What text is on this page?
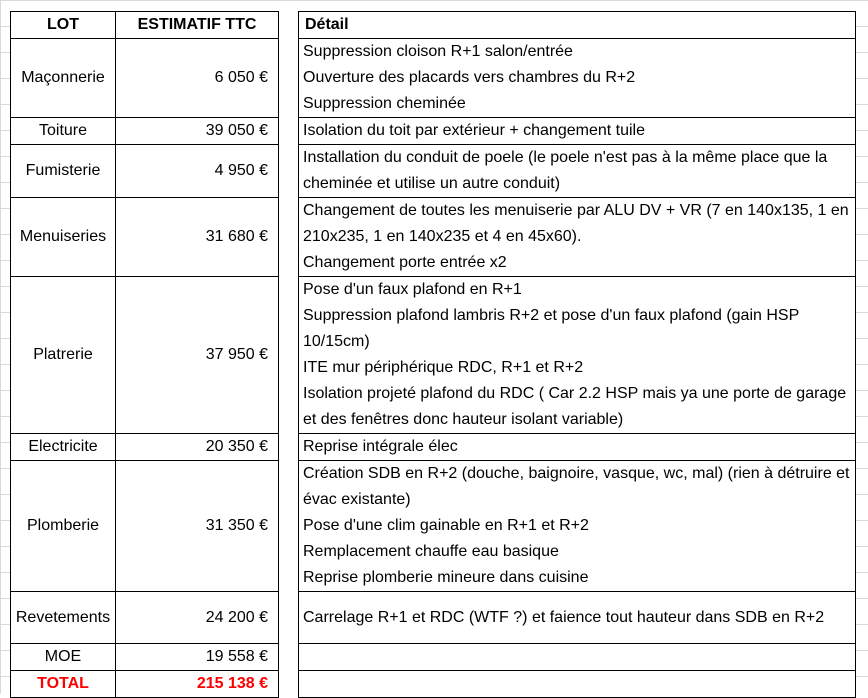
LOT	ESTIMATIF TTC		Détail
Maçonnerie	6 050 €		Suppression cloison R+1 salon/entrée
Ouverture des placards vers chambres du R+2
Suppression cheminée

Toiture	39 050 €		Isolation du toit par extérieur + changement tuile

Fumisterie	4 950 €		Installation du conduit de poele (le poele n'est pas à la même place que la cheminée et utilise un autre conduit)

Menuiseries	31 680 €		Changement de toutes les menuiserie par ALU DV + VR (7 en 140x135, 1 en 210x235, 1 en 140x235 et 4 en 45x60).
Changement porte entrée x2

Platrerie	37 950 €		Pose d'un faux plafond en R+1
Suppression plafond lambris R+2 et pose d'un faux plafond (gain HSP 10/15cm)
ITE mur périphérique RDC, R+1 et R+2
Isolation projeté plafond du RDC ( Car 2.2 HSP mais ya une porte de garage et des fenêtres donc hauteur isolant variable)

Electricite	20 350 €		Reprise intégrale élec

Plomberie	31 350 €		Création SDB en R+2 (douche, baignoire, vasque, wc, mal) (rien à détruire et évac existante)
Pose d'une clim gainable en R+1 et R+2
Remplacement chauffe eau basique
Reprise plomberie mineure dans cuisine

Revetements	24 200 €		Carrelage R+1 et RDC (WTF ?) et faience tout hauteur dans SDB en R+2

MOE	19 558 €		
TOTAL	215 138 €		
